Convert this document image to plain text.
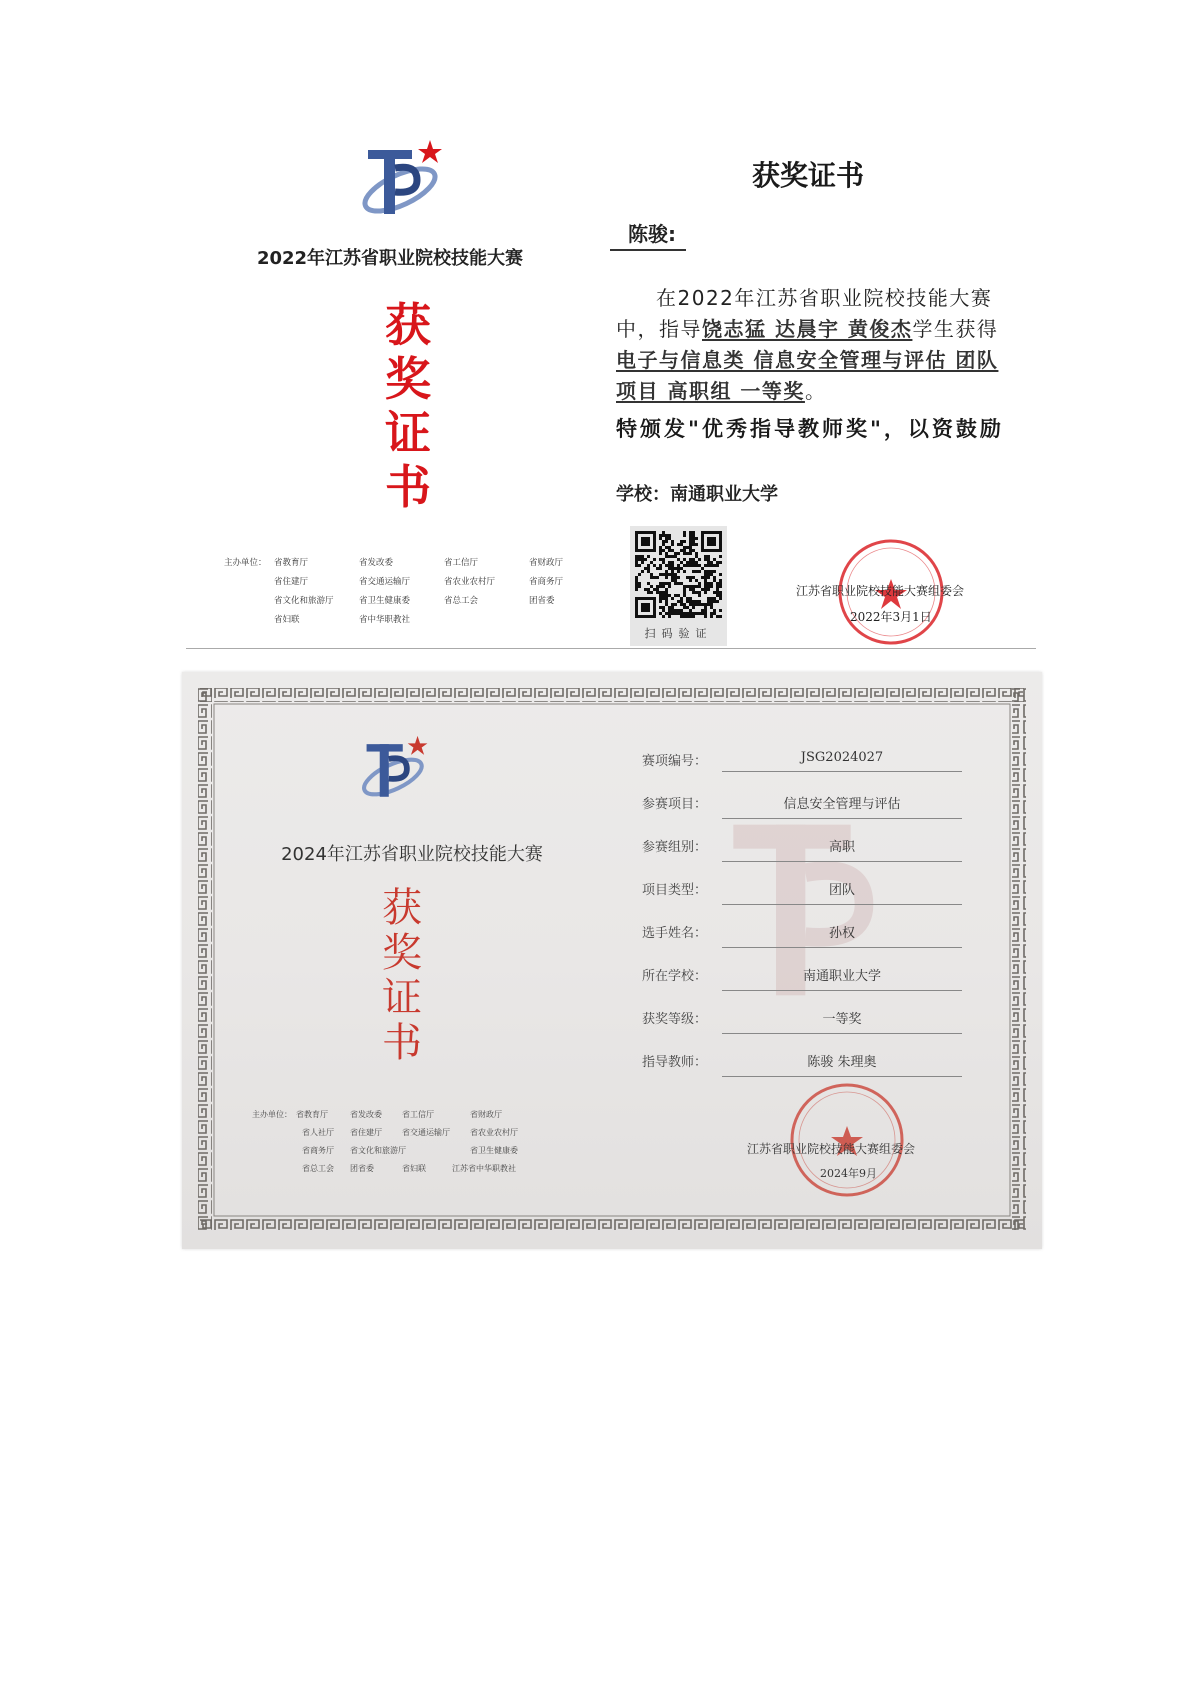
2022年江苏省职业院校技能大赛
获
奖
证
书
获奖证书
陈骏:
在2022年江苏省职业院校技能大赛中，指导饶志猛 达晨宇 黄俊杰学生获得电子与信息类 信息安全管理与评估 团队项目 高职组 一等奖。
特颁发"优秀指导教师奖"，以资鼓励
学校：南通职业大学
主办单位： 省教育厅	省发改委	省工信厅	省财政厅
省住建厅	省交通运输厅	省农业农村厅	省商务厅
省文化和旅游厅	省卫生健康委	省总工会	团省委
省妇联	省中华职教社
扫码验证
江苏省职业院校技能大赛组委会
2022年3月1日
2024年江苏省职业院校技能大赛
获
奖
证
书
主办单位： 省教育厅	省发改委	省工信厅	省财政厅
省人社厅 省住建厅	省交通运输厅	省农业农村厅
省商务厅 省文化和旅游厅	省卫生健康委
省总工会 团省委	省妇联	江苏省中华职教社
赛项编号：	JSG2024027
参赛项目：	信息安全管理与评估
参赛组别：	高职
项目类型：	团队
选手姓名：	孙权
所在学校：	南通职业大学
获奖等级：	一等奖
指导教师：	陈骏 朱理奥
江苏省职业院校技能大赛组委会
2024年9月
